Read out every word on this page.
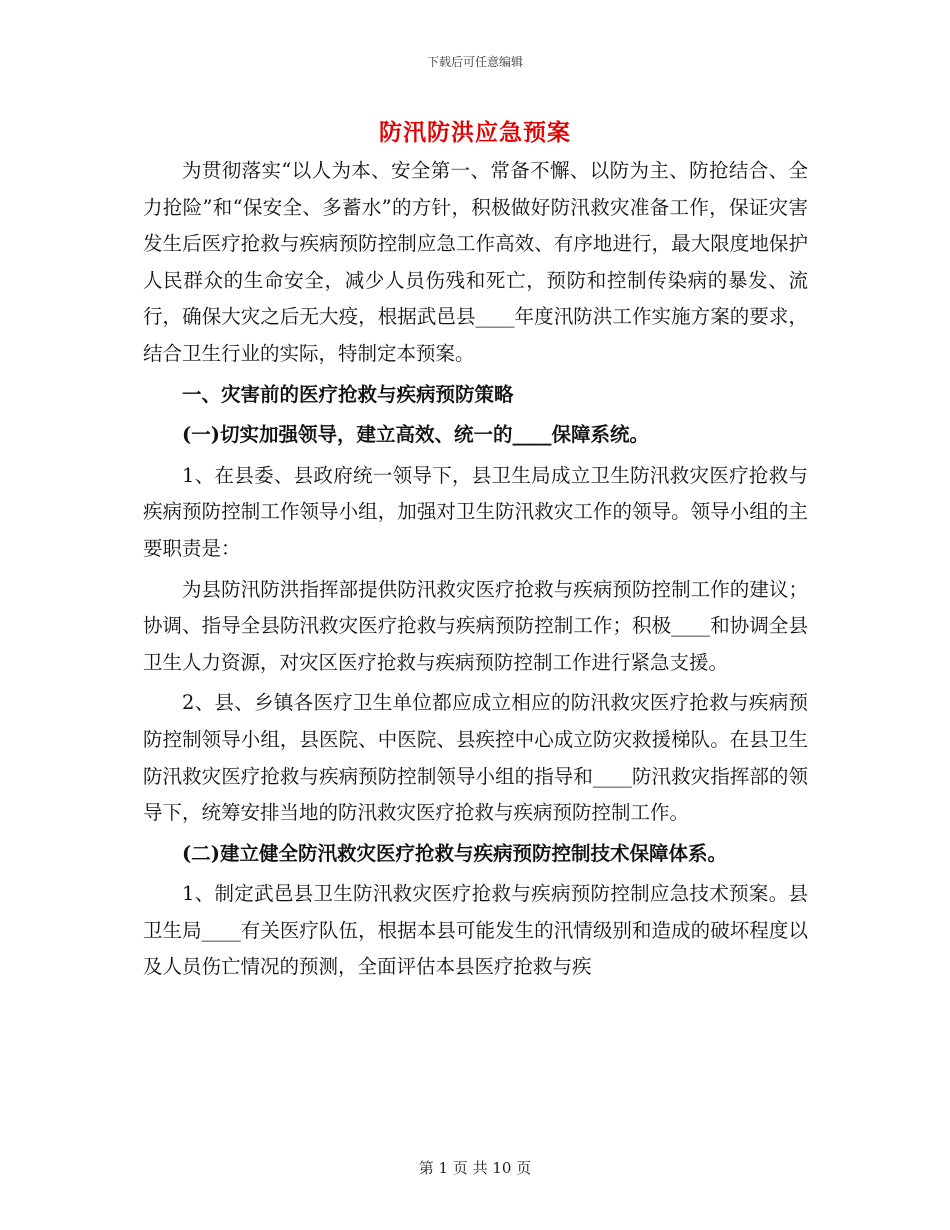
下载后可任意编辑
防汛防洪应急预案

为贯彻落实“以人为本、安全第一、常备不懈、以防为主、防抢结合、全力抢险”和“保安全、多蓄水”的方针，积极做好防汛救灾准备工作，保证灾害发生后医疗抢救与疾病预防控制应急工作高效、有序地进行，最大限度地保护人民群众的生命安全，减少人员伤残和死亡，预防和控制传染病的暴发、流行，确保大灾之后无大疫，根据武邑县____年度汛防洪工作实施方案的要求，结合卫生行业的实际，特制定本预案。

一、灾害前的医疗抢救与疾病预防策略

(一)切实加强领导，建立高效、统一的____保障系统。

1、在县委、县政府统一领导下，县卫生局成立卫生防汛救灾医疗抢救与疾病预防控制工作领导小组，加强对卫生防汛救灾工作的领导。领导小组的主要职责是：

为县防汛防洪指挥部提供防汛救灾医疗抢救与疾病预防控制工作的建议；协调、指导全县防汛救灾医疗抢救与疾病预防控制工作；积极____和协调全县卫生人力资源，对灾区医疗抢救与疾病预防控制工作进行紧急支援。

2、县、乡镇各医疗卫生单位都应成立相应的防汛救灾医疗抢救与疾病预防控制领导小组，县医院、中医院、县疾控中心成立防灾救援梯队。在县卫生防汛救灾医疗抢救与疾病预防控制领导小组的指导和____防汛救灾指挥部的领导下，统筹安排当地的防汛救灾医疗抢救与疾病预防控制工作。

(二)建立健全防汛救灾医疗抢救与疾病预防控制技术保障体系。

1、制定武邑县卫生防汛救灾医疗抢救与疾病预防控制应急技术预案。县卫生局____有关医疗队伍，根据本县可能发生的汛情级别和造成的破坏程度以及人员伤亡情况的预测，全面评估本县医疗抢救与疾

第 1 页 共 10 页
